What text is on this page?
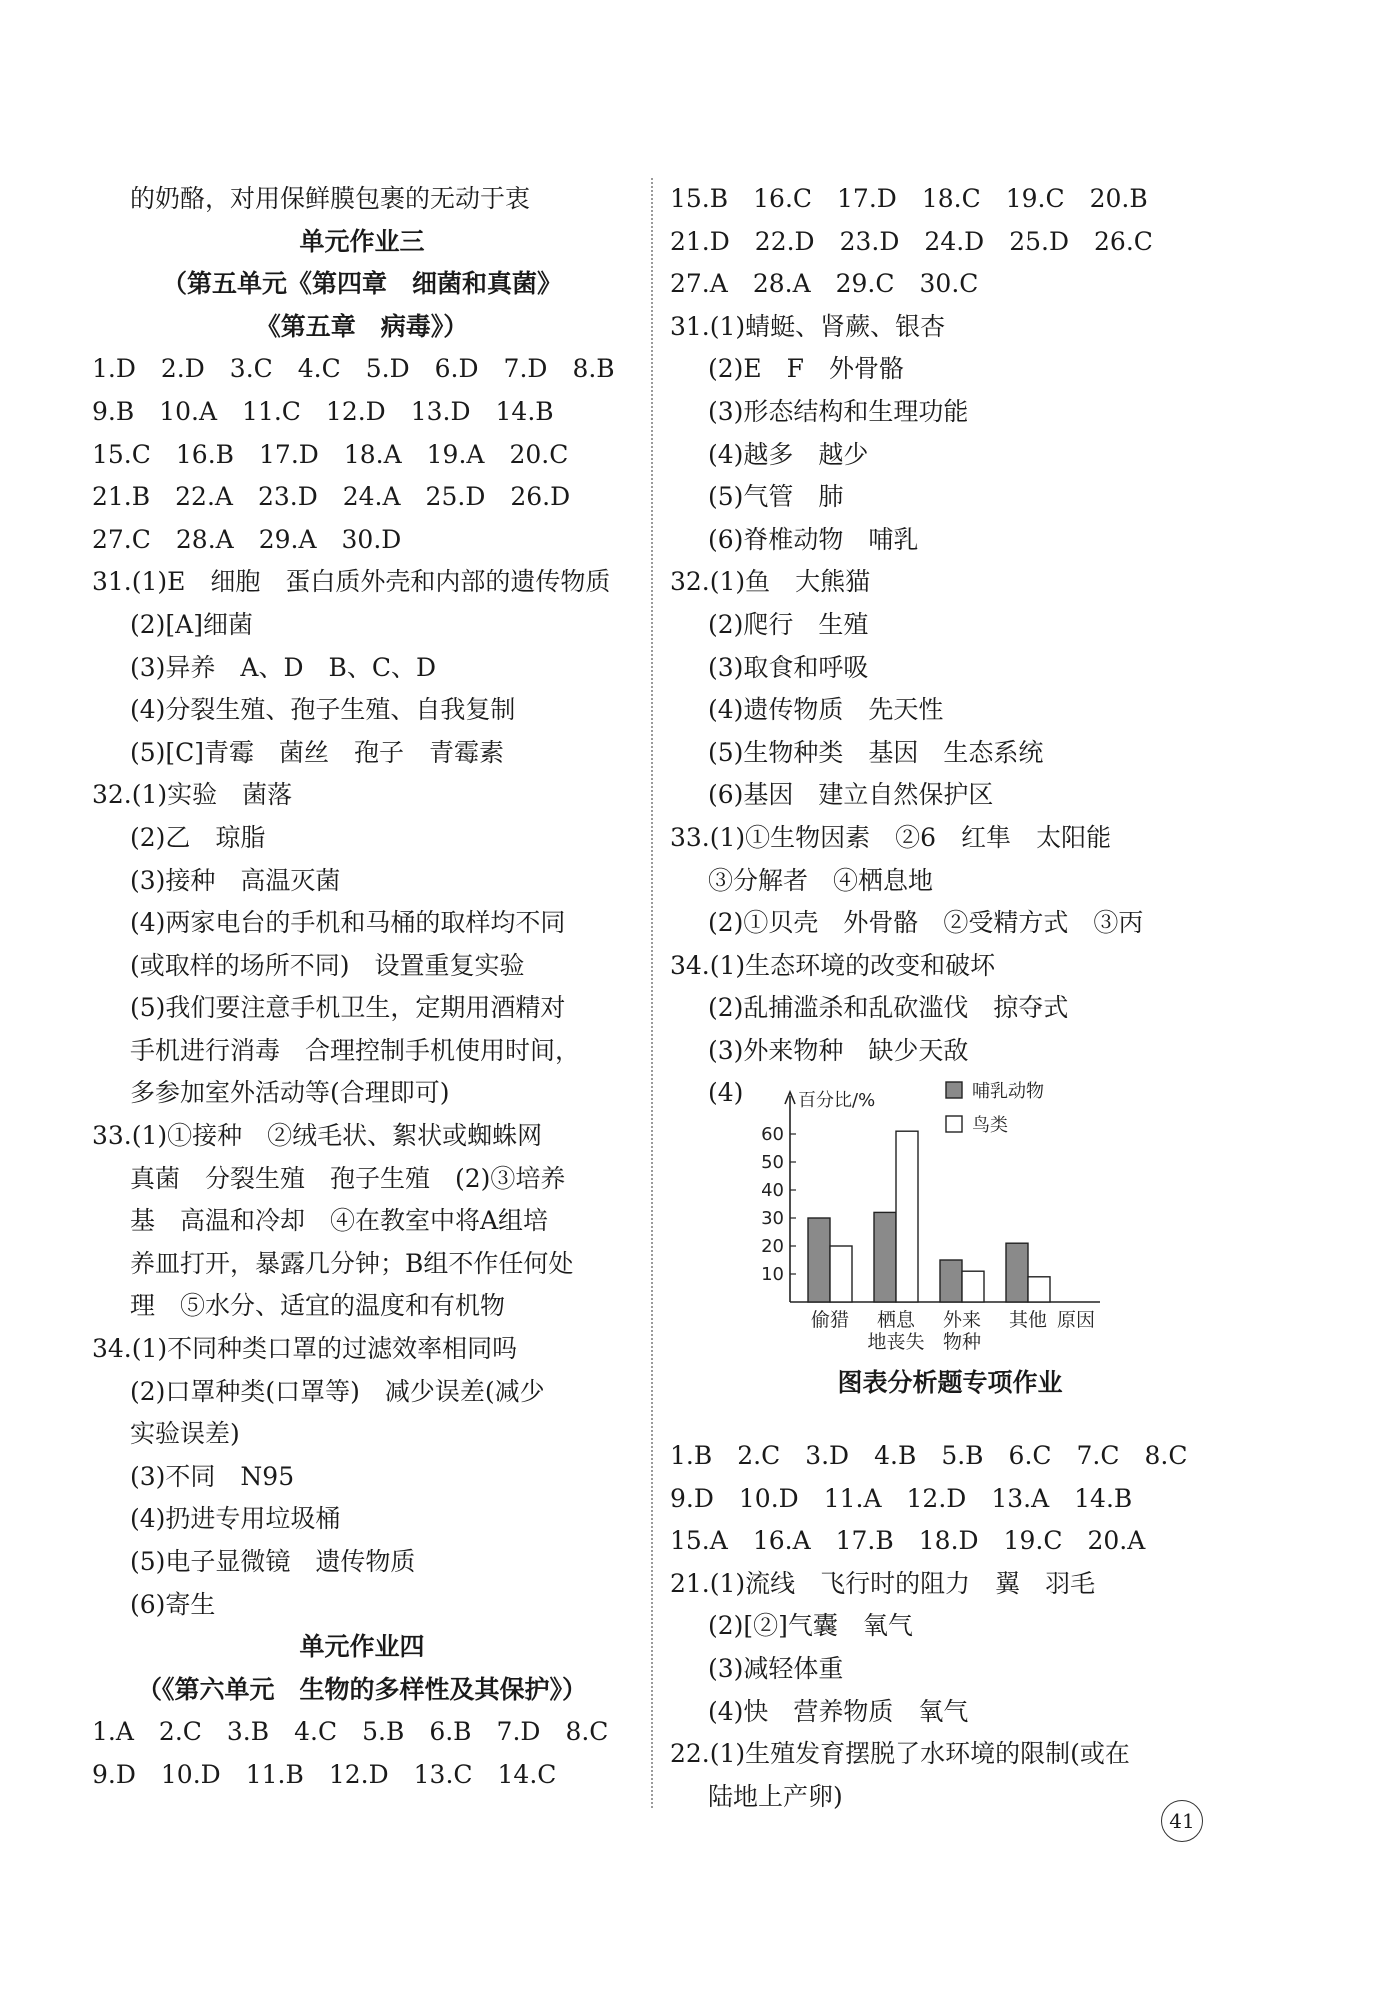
的奶酪，对用保鲜膜包裹的无动于衷
单元作业三
（第五单元《第四章　细菌和真菌》
《第五章　病毒》）
1.D　2.D　3.C　4.C　5.D　6.D　7.D　8.B
9.B　10.A　11.C　12.D　13.D　14.B
15.C　16.B　17.D　18.A　19.A　20.C
21.B　22.A　23.D　24.A　25.D　26.D
27.C　28.A　29.A　30.D
31.(1)E　细胞　蛋白质外壳和内部的遗传物质
(2)[A]细菌
(3)异养　A、D　B、C、D
(4)分裂生殖、孢子生殖、自我复制
(5)[C]青霉　菌丝　孢子　青霉素
32.(1)实验　菌落
(2)乙　琼脂
(3)接种　高温灭菌
(4)两家电台的手机和马桶的取样均不同
(或取样的场所不同)　设置重复实验
(5)我们要注意手机卫生，定期用酒精对
手机进行消毒　合理控制手机使用时间，
多参加室外活动等(合理即可)
33.(1)①接种　②绒毛状、絮状或蜘蛛网
真菌　分裂生殖　孢子生殖　(2)③培养
基　高温和冷却　④在教室中将A组培
养皿打开，暴露几分钟；B组不作任何处
理　⑤水分、适宜的温度和有机物
34.(1)不同种类口罩的过滤效率相同吗
(2)口罩种类(口罩等)　减少误差(减少
实验误差)
(3)不同　N95
(4)扔进专用垃圾桶
(5)电子显微镜　遗传物质
(6)寄生
单元作业四
（《第六单元　生物的多样性及其保护》）
1.A　2.C　3.B　4.C　5.B　6.B　7.D　8.C
9.D　10.D　11.B　12.D　13.C　14.C
15.B　16.C　17.D　18.C　19.C　20.B
21.D　22.D　23.D　24.D　25.D　26.C
27.A　28.A　29.C　30.C
31.(1)蜻蜓、肾蕨、银杏
(2)E　F　外骨骼
(3)形态结构和生理功能
(4)越多　越少
(5)气管　肺
(6)脊椎动物　哺乳
32.(1)鱼　大熊猫
(2)爬行　生殖
(3)取食和呼吸
(4)遗传物质　先天性
(5)生物种类　基因　生态系统
(6)基因　建立自然保护区
33.(1)①生物因素　②6　红隼　太阳能
③分解者　④栖息地
(2)①贝壳　外骨骼　②受精方式　③丙
34.(1)生态环境的改变和破坏
(2)乱捕滥杀和乱砍滥伐　掠夺式
(3)外来物种　缺少天敌
(4)	百分比/%
10
20
30
40
50
60
偷猎 栖息
地丧失
外来
物种
其他 原因
哺乳动物
鸟类
图表分析题专项作业
1.B　2.C　3.D　4.B　5.B　6.C　7.C　8.C
9.D　10.D　11.A　12.D　13.A　14.B
15.A　16.A　17.B　18.D　19.C　20.A
21.(1)流线　飞行时的阻力　翼　羽毛
(2)[②]气囊　氧气
(3)减轻体重
(4)快　营养物质　氧气
22.(1)生殖发育摆脱了水环境的限制(或在
陆地上产卵)
41
